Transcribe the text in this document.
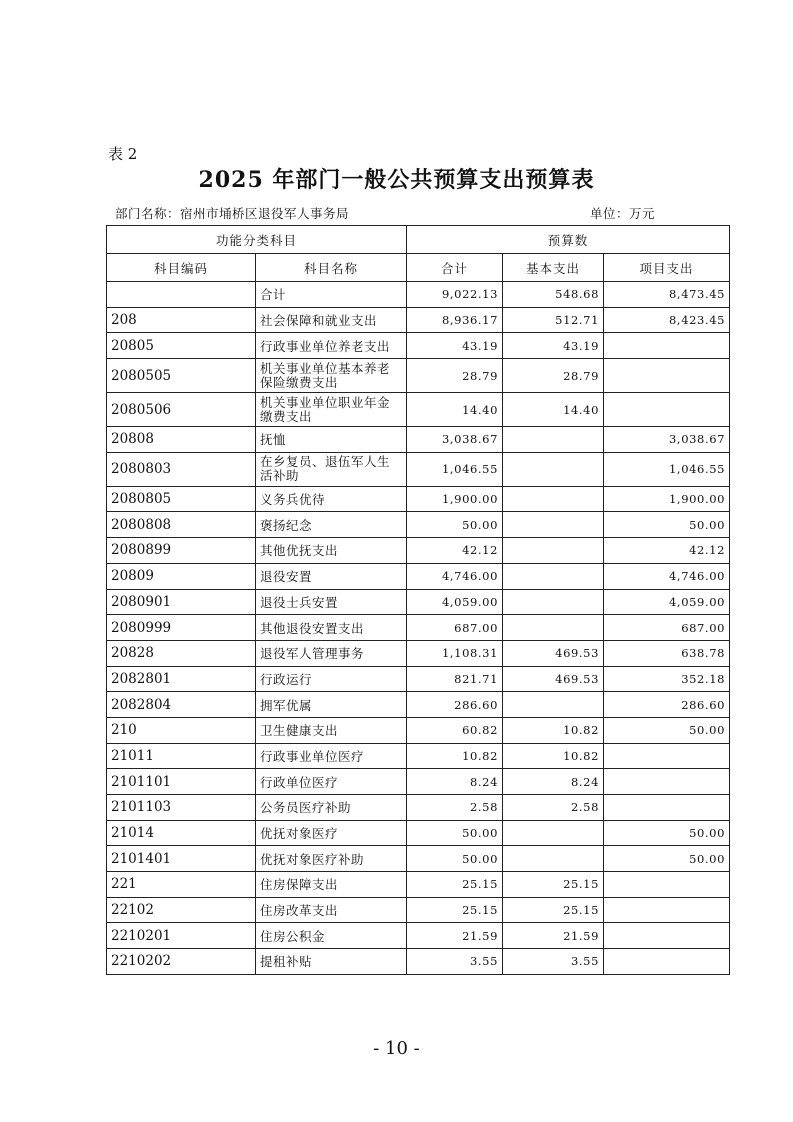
表 2
2025 年部门一般公共预算支出预算表
部门名称：宿州市埇桥区退役军人事务局	单位：万元
功能分类科目		预算数		
科目编码	科目名称	合计	基本支出	项目支出
	合计	9,022.13	548.68	8,473.45
208	社会保障和就业支出	8,936.17	512.71	8,423.45
20805	行政事业单位养老支出	43.19	43.19	
2080505	机关事业单位基本养老保险缴费支出	28.79	28.79	
2080506	机关事业单位职业年金缴费支出	14.40	14.40	
20808	抚恤	3,038.67		3,038.67
2080803	在乡复员、退伍军人生活补助	1,046.55		1,046.55
2080805	义务兵优待	1,900.00		1,900.00
2080808	褒扬纪念	50.00		50.00
2080899	其他优抚支出	42.12		42.12
20809	退役安置	4,746.00		4,746.00
2080901	退役士兵安置	4,059.00		4,059.00
2080999	其他退役安置支出	687.00		687.00
20828	退役军人管理事务	1,108.31	469.53	638.78
2082801	行政运行	821.71	469.53	352.18
2082804	拥军优属	286.60		286.60
210	卫生健康支出	60.82	10.82	50.00
21011	行政事业单位医疗	10.82	10.82	
2101101	行政单位医疗	8.24	8.24	
2101103	公务员医疗补助	2.58	2.58	
21014	优抚对象医疗	50.00		50.00
2101401	优抚对象医疗补助	50.00		50.00
221	住房保障支出	25.15	25.15	
22102	住房改革支出	25.15	25.15	
2210201	住房公积金	21.59	21.59	
2210202	提租补贴	3.55	3.55	
- 10 -
